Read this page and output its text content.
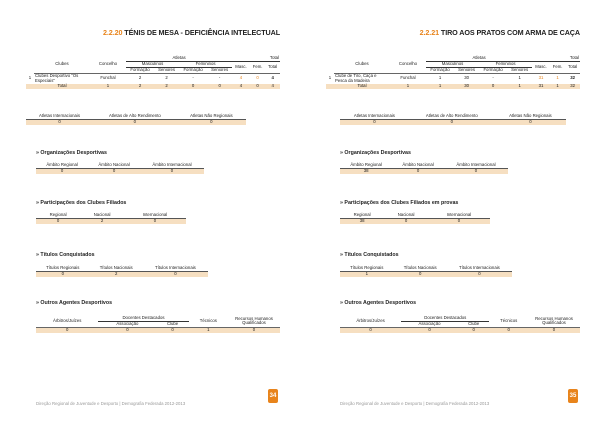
2.2.20 TÉNIS DE MESA - DEFICIÊNCIA INTELECTUAL
	Clubes	Concelho	Atletas				Total		
			Masculinos		Femininos		Masc.	Fem.	Total
			Formação	Seniores	Formação	Seniores			
1	Clubes Desportivo "Os Especiais"	Funchal	2	2	-	-	4	0	4
	Total	1	2	2	0	0	4	0	4
Atletas Internacionais	Atletas de Alto Rendimento	Atletas Não Regionais
0	0	0
» Organizações Desportivas
Âmbito Regional	Âmbito Nacional	Âmbito Internacional
0	0	0
» Participações dos Clubes Filiados
Regional	Nacional	Internacional
0	2	0
» Títulos Conquistados
Títulos Regionais	Títulos Nacionais	Títulos Internacionais
0	2	0
» Outros Agentes Desportivos
Árbitros/Juízes	Docentes Destacados		Técnicos	Recursos Humanos Qualificados
	Associação	Clube		
0	0	0	1	0
Direção Regional de Juventude e Desporto | Demografia Federada 2012-2013
34
2.2.21 TIRO AOS PRATOS COM ARMA DE CAÇA
	Clubes	Concelho	Atletas				Total		
			Masculinos		Femininos		Masc.	Fem.	Total
			Formação	Seniores	Formação	Seniores			
1	Clube de Tiro, Caça e Pesca da Madeira	Funchal	1	30	-	1	31	1	32
	Total	1	1	30	0	1	31	1	32
Atletas Internacionais	Atletas de Alto Rendimento	Atletas Não Regionais
0	0	0
» Organizações Desportivas
Âmbito Regional	Âmbito Nacional	Âmbito Internacional
38	0	0
» Participações dos Clubes Filiados em provas
Regional	Nacional	Internacional
38	0	0
» Títulos Conquistados
Títulos Regionais	Títulos Nacionais	Títulos Internacionais
1	0	0
» Outros Agentes Desportivos
Árbitros/Juízes	Docentes Destacados		Técnicos	Recursos Humanos Qualificados
	Associação	Clube		
0	0	0	0	0
Direção Regional de Juventude e Desporto | Demografia Federada 2012-2013
35
